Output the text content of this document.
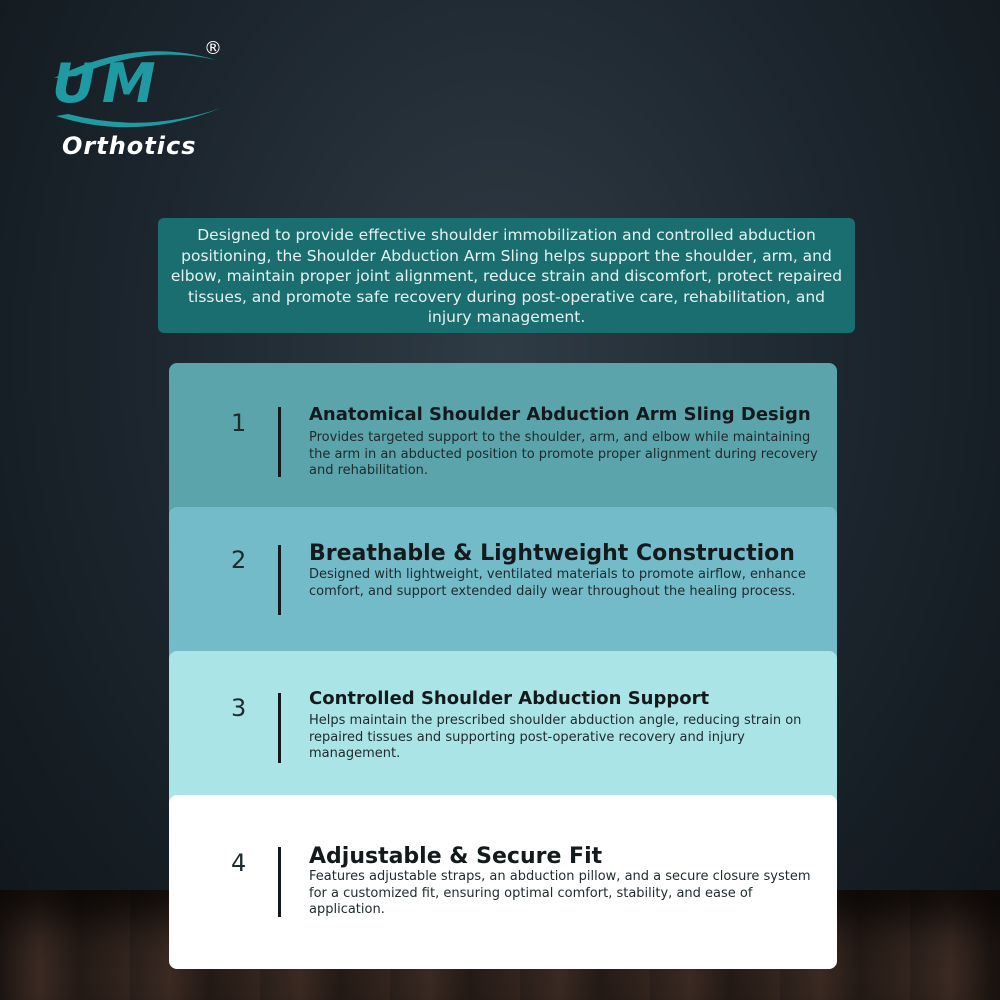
UM
®
Orthotics
Designed to provide effective shoulder immobilization and controlled abduction positioning, the Shoulder Abduction Arm Sling helps support the shoulder, arm, and elbow, maintain proper joint alignment, reduce strain and discomfort, protect repaired tissues, and promote safe recovery during post-operative care, rehabilitation, and injury management.
1	Anatomical Shoulder Abduction Arm Sling Design
Provides targeted support to the shoulder, arm, and elbow while maintaining the arm in an abducted position to promote proper alignment during recovery and rehabilitation.
2	Breathable & Lightweight Construction
Designed with lightweight, ventilated materials to promote airflow, enhance comfort, and support extended daily wear throughout the healing process.
3	Controlled Shoulder Abduction Support
Helps maintain the prescribed shoulder abduction angle, reducing strain on repaired tissues and supporting post-operative recovery and injury management.
4	Adjustable & Secure Fit
Features adjustable straps, an abduction pillow, and a secure closure system for a customized fit, ensuring optimal comfort, stability, and ease of application.
